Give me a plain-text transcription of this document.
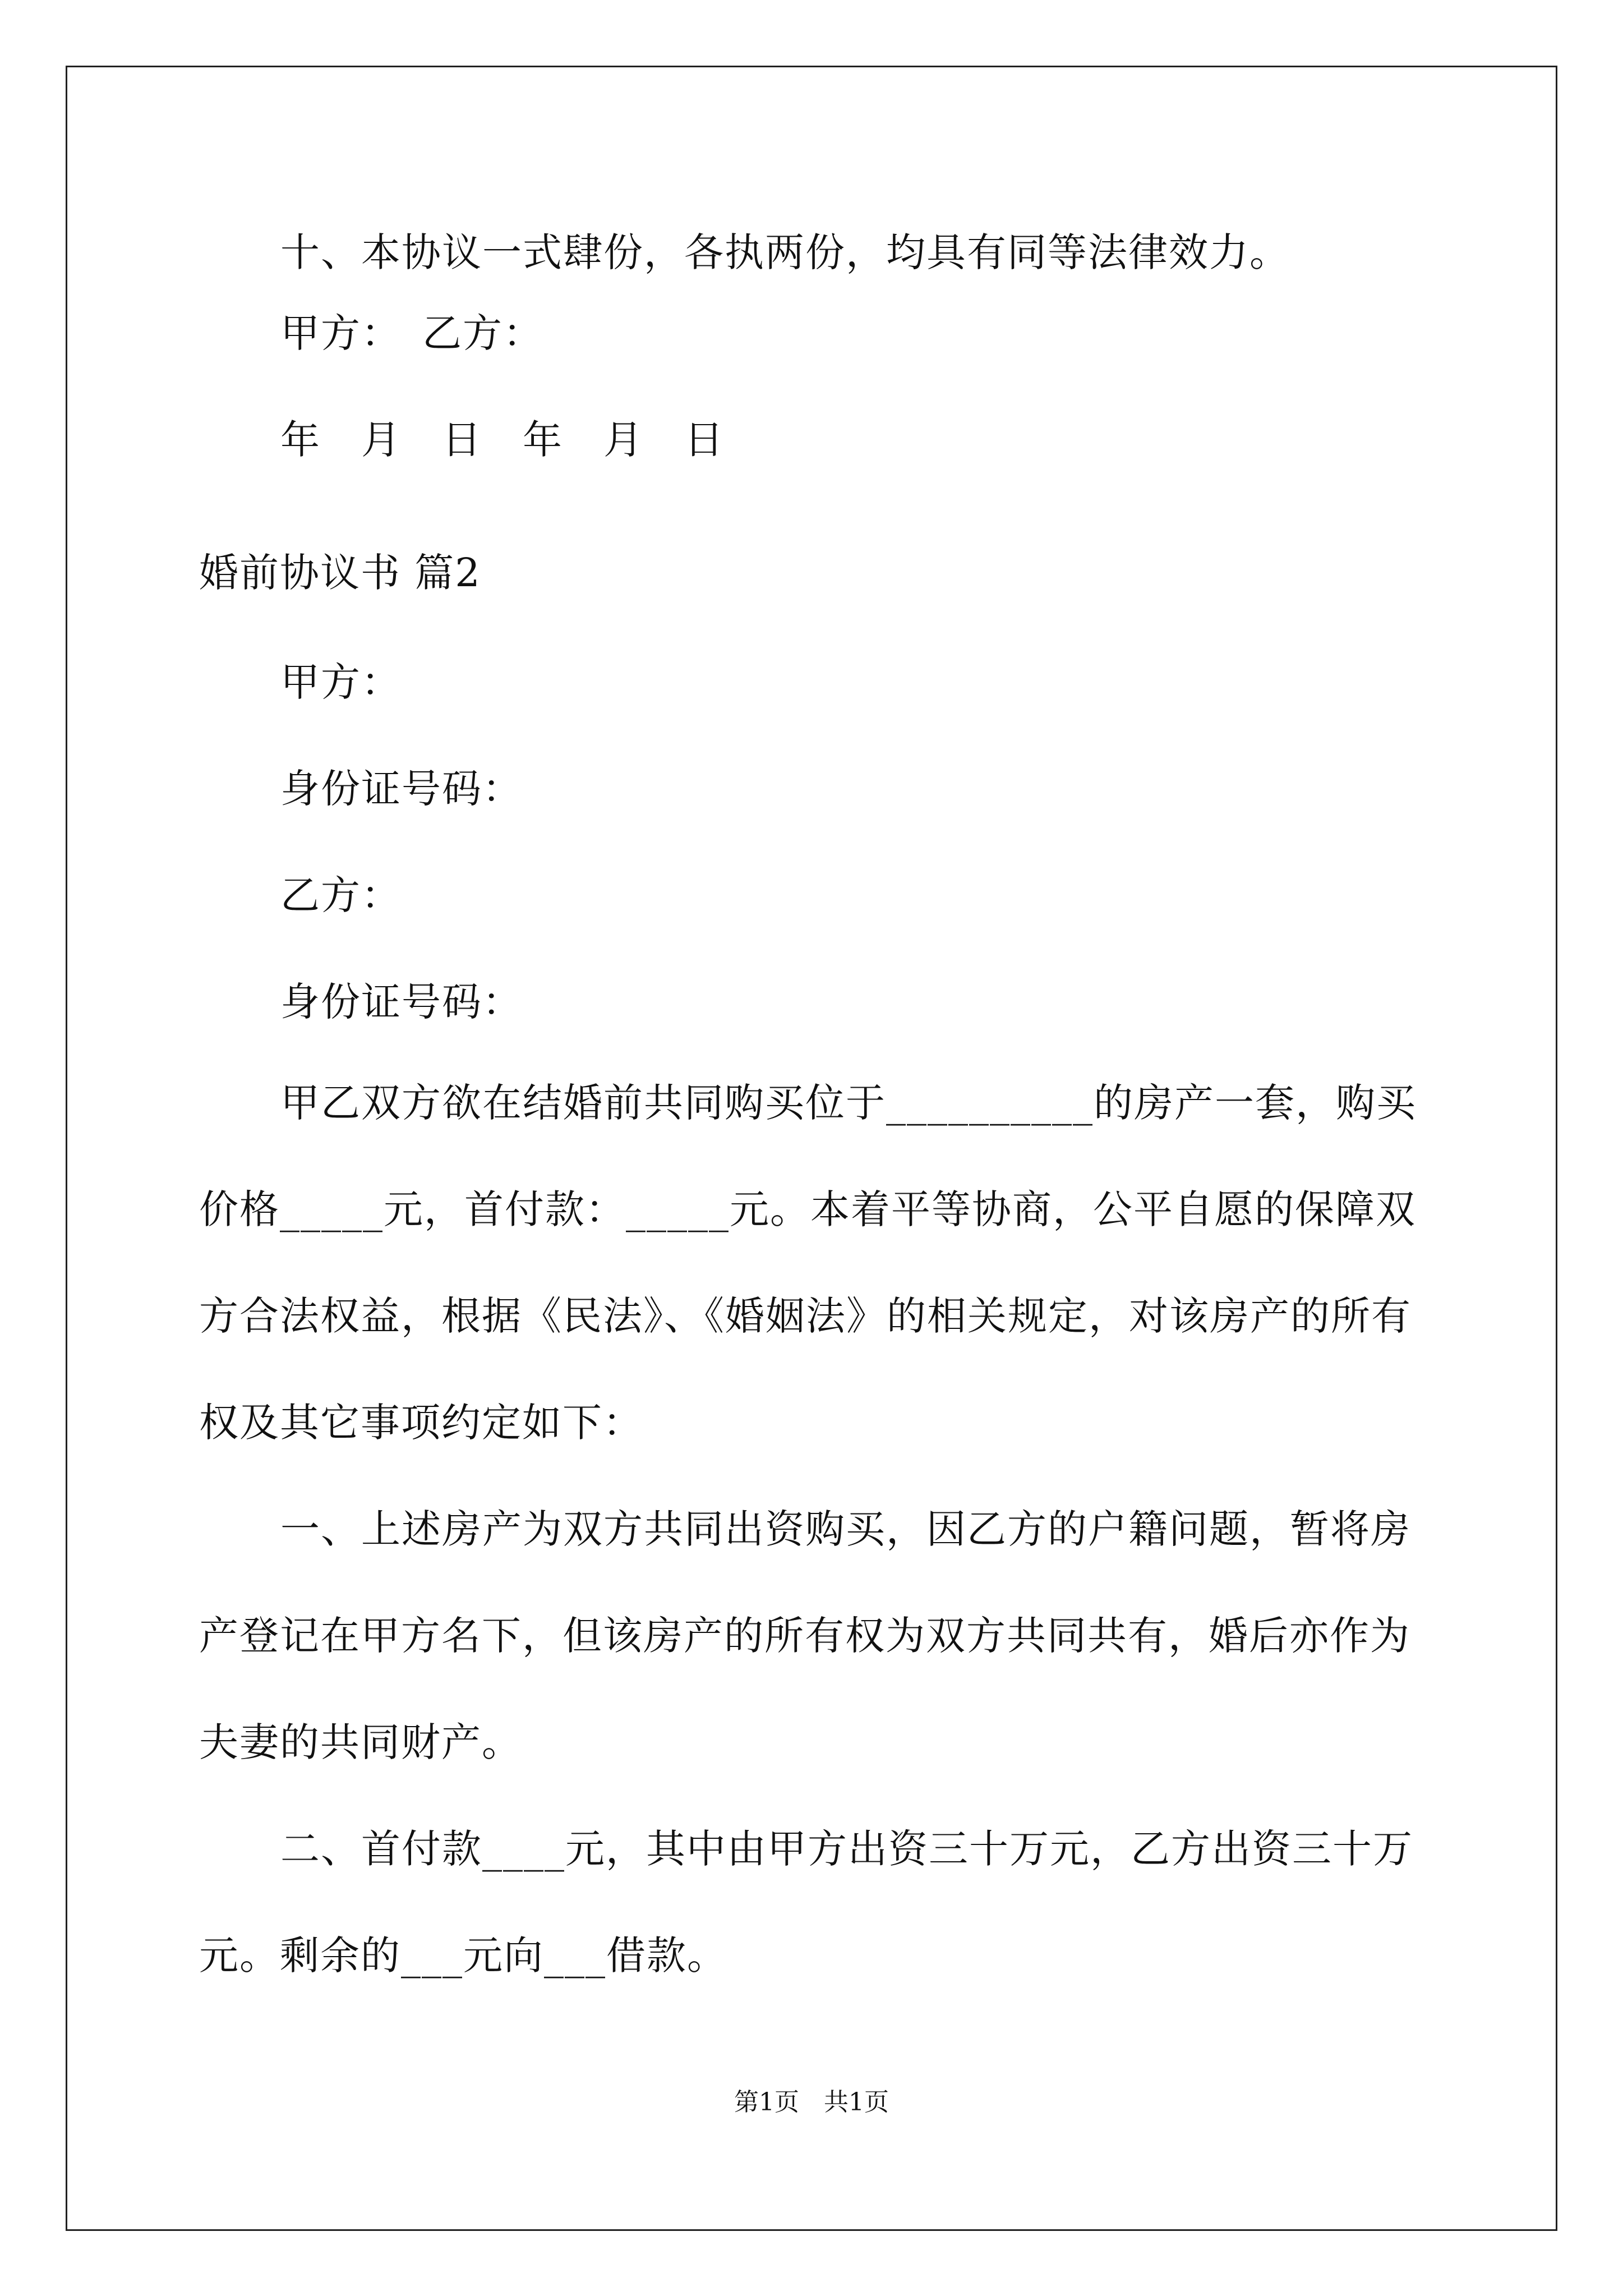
十、本协议一式肆份，各执两份，均具有同等法律效力。
甲方：　乙方：
年　月　日　年　月　日
婚前协议书 篇2
甲方：
身份证号码：
乙方：
身份证号码：
甲乙双方欲在结婚前共同购买位于__________的房产一套，购买
价格_____元，首付款：_____元。本着平等协商，公平自愿的保障双
方合法权益，根据《民法》、《婚姻法》的相关规定，对该房产的所有
权及其它事项约定如下：
一、上述房产为双方共同出资购买，因乙方的户籍问题，暂将房
产登记在甲方名下，但该房产的所有权为双方共同共有，婚后亦作为
夫妻的共同财产。
二、首付款____元，其中由甲方出资三十万元，乙方出资三十万
元。剩余的___元向___借款。
第1页　共1页
